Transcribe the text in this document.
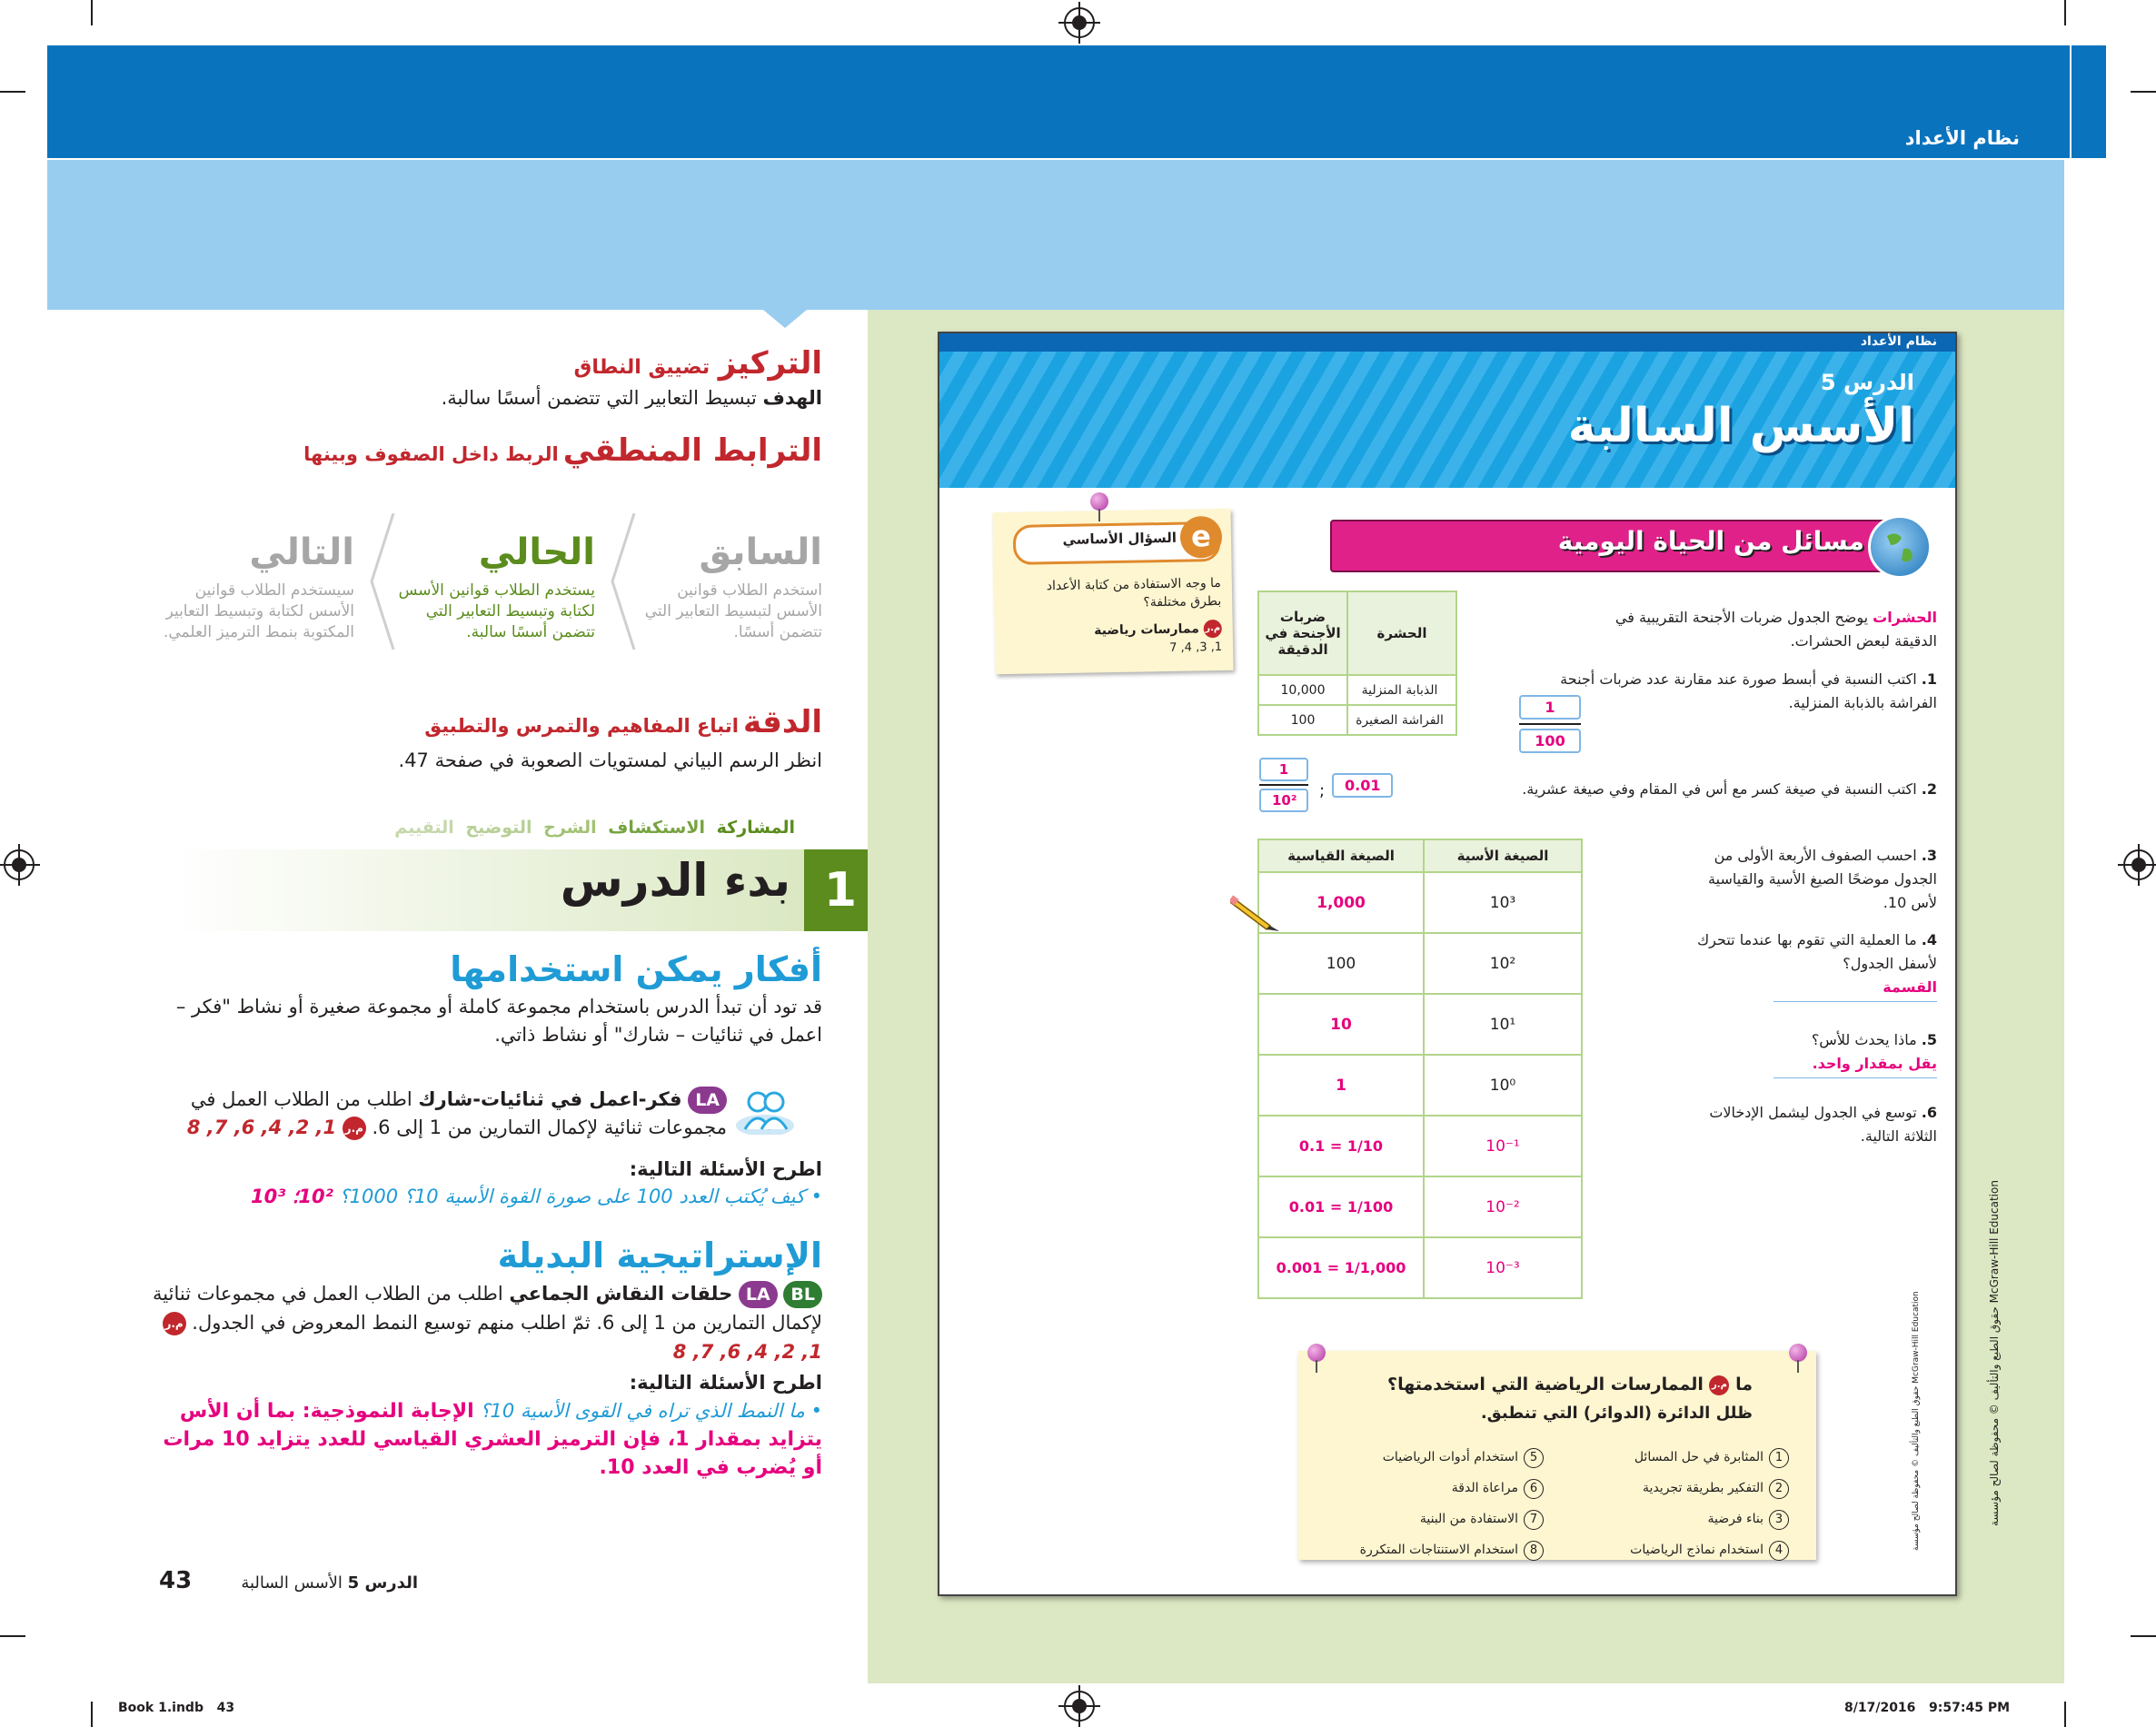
نظام الأعداد
التركيز تضييق النطاق
الهدف تبسيط التعابير التي تتضمن أسسًا سالبة.
الترابط المنطقي الربط داخل الصفوف وبينها
السابق
استخدم الطلاب قوانين الأسس لتبسيط التعابير التي تتضمن أسسًا.
الحالي
يستخدم الطلاب قوانين الأسس لكتابة وتبسيط التعابير التي تتضمن أسسًا سالبة.
التالي
سيستخدم الطلاب قوانين الأسس لكتابة وتبسيط التعابير المكتوبة بنمط الترميز العلمي.
الدقة اتباع المفاهيم والتمرس والتطبيق
انظر الرسم البياني لمستويات الصعوبة في صفحة 47.
المشاركة الاستكشاف الشرح التوضيح التقييم
بدء الدرس 1
أفكار يمكن استخدامها
قد تود أن تبدأ الدرس باستخدام مجموعة كاملة أو مجموعة صغيرة أو نشاط "فكر – اعمل في ثنائيات – شارك" أو نشاط ذاتي.
LA فكر-اعمل في ثنائيات-شارك اطلب من الطلاب العمل في مجموعات ثنائية لإكمال التمارين من 1 إلى 6. م.ر 1, 2, 4, 6, 7, 8
اطرح الأسئلة التالية:
• كيف يُكتب العدد 100 على صورة القوة الأسية 10؟ 1000؟ 10²؛ 10³
الإستراتيجية البديلة
BL LA حلقات النقاش الجماعي اطلب من الطلاب العمل في مجموعات ثنائية لإكمال التمارين من 1 إلى 6. ثمّ اطلب منهم توسيع النمط المعروض في الجدول. م.ر 1, 2, 4, 6, 7, 8
اطرح الأسئلة التالية:
• ما النمط الذي تراه في القوى الأسية 10؟ الإجابة النموذجية: بما أن الأس يتزايد بمقدار 1، فإن الترميز العشري القياسي للعدد يتزايد 10 مرات أو يُضرب في العدد 10.
43	الدرس 5 الأسس السالبة
نظام الأعداد
الدرس 5
الأسس السالبة
مسائل من الحياة اليومية
السؤال الأساسي e
ما وجه الاستفادة من كتابة الأعداد بطرق مختلفة؟
م.ر ممارسات رياضية
1, 3, 4, 7
الحشرات يوضح الجدول ضربات الأجنحة التقريبية في الدقيقة لبعض الحشرات.
ضربات الأجنحة في الدقيقة	الحشرة
10,000	الذبابة المنزلية
100	الفراشة الصغيرة
1. اكتب النسبة في أبسط صورة عند مقارنة عدد ضربات أجنحة الفراشة بالذبابة المنزلية.
$\frac{1}{100}$
2. اكتب النسبة في صيغة كسر مع أس في المقام وفي صيغة عشرية.
0.01
;
$\frac{1}{\text{10²}}$
3. احسب الصفوف الأربعة الأولى من الجدول موضحًا الصيغ الأسية والقياسية لأس 10.
4. ما العملية التي تقوم بها عندما تتحرك لأسفل الجدول؟
القسمة
5. ماذا يحدث للأس؟
يقل بمقدار واحد.
6. توسع في الجدول ليشمل الإدخالات الثلاثة التالية.
الصيغة القياسية	الصيغة الأسية
1,000	10³
100	10²
10	10¹
1	10⁰
0.1 = 1/10	10⁻¹
0.01 = 1/100	10⁻²
0.001 = 1/1,000	10⁻³
ما م.ر الممارسات الرياضية التي استخدمتها؟
ظلل الدائرة (الدوائر) التي تنطبق.
1المثابرة في حل المسائل
2التفكير بطريقة تجريدية
3بناء فرضية
4استخدام نماذج الرياضيات
5استخدام أدوات الرياضيات
6مراعاة الدقة
7الاستفادة من البنية
8استخدام الاستنتاجات المتكررة	حقوق الطبع والتأليف © محفوظة لصالح مؤسسة McGraw-Hill Education	حقوق الطبع والتأليف © محفوظة لصالح مؤسسة McGraw-Hill Education
Book 1.indb   43	8/17/2016   9:57:45 PM
